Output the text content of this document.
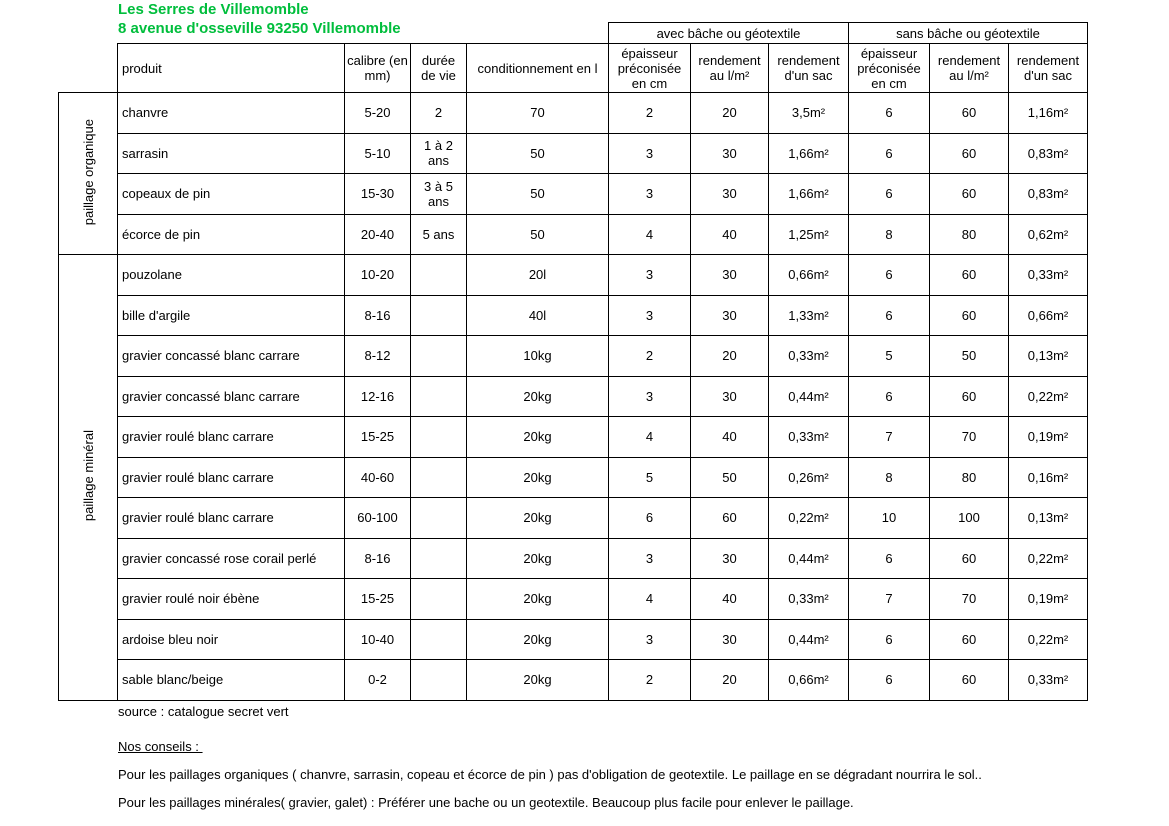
Les Serres de Villemomble
8 avenue d'osseville 93250 Villemomble
					avec bâche ou géotextile			sans bâche ou géotextile		
	produit	calibre (en mm)	durée de vie	conditionnement en l	épaisseur préconisée en cm	rendement au l/m²	rendement d'un sac	épaisseur préconisée en cm	rendement au l/m²	rendement d'un sac
paillage organique	chanvre	5-20	2	70	2	20	3,5m²	6	60	1,16m²
	sarrasin	5-10	1 à 2 ans	50	3	30	1,66m²	6	60	0,83m²
	copeaux de pin	15-30	3 à 5 ans	50	3	30	1,66m²	6	60	0,83m²
	écorce de pin	20-40	5 ans	50	4	40	1,25m²	8	80	0,62m²
paillage minéral	pouzolane	10-20		20l	3	30	0,66m²	6	60	0,33m²
	bille d'argile	8-16		40l	3	30	1,33m²	6	60	0,66m²
	gravier concassé blanc carrare	8-12		10kg	2	20	0,33m²	5	50	0,13m²
	gravier concassé blanc carrare	12-16		20kg	3	30	0,44m²	6	60	0,22m²
	gravier roulé blanc carrare	15-25		20kg	4	40	0,33m²	7	70	0,19m²
	gravier roulé blanc carrare	40-60		20kg	5	50	0,26m²	8	80	0,16m²
	gravier roulé blanc carrare	60-100		20kg	6	60	0,22m²	10	100	0,13m²
	gravier concassé rose corail perlé	8-16		20kg	3	30	0,44m²	6	60	0,22m²
	gravier roulé noir ébène	15-25		20kg	4	40	0,33m²	7	70	0,19m²
	ardoise bleu noir	10-40		20kg	3	30	0,44m²	6	60	0,22m²
	sable blanc/beige	0-2		20kg	2	20	0,66m²	6	60	0,33m²
source : catalogue secret vert
Nos conseils :
Pour les paillages organiques ( chanvre, sarrasin, copeau et écorce de pin ) pas d'obligation de geotextile. Le paillage en se dégradant nourrira le sol..
Pour les paillages minérales( gravier, galet) : Préférer une bache ou un geotextile. Beaucoup plus facile pour enlever le paillage.
